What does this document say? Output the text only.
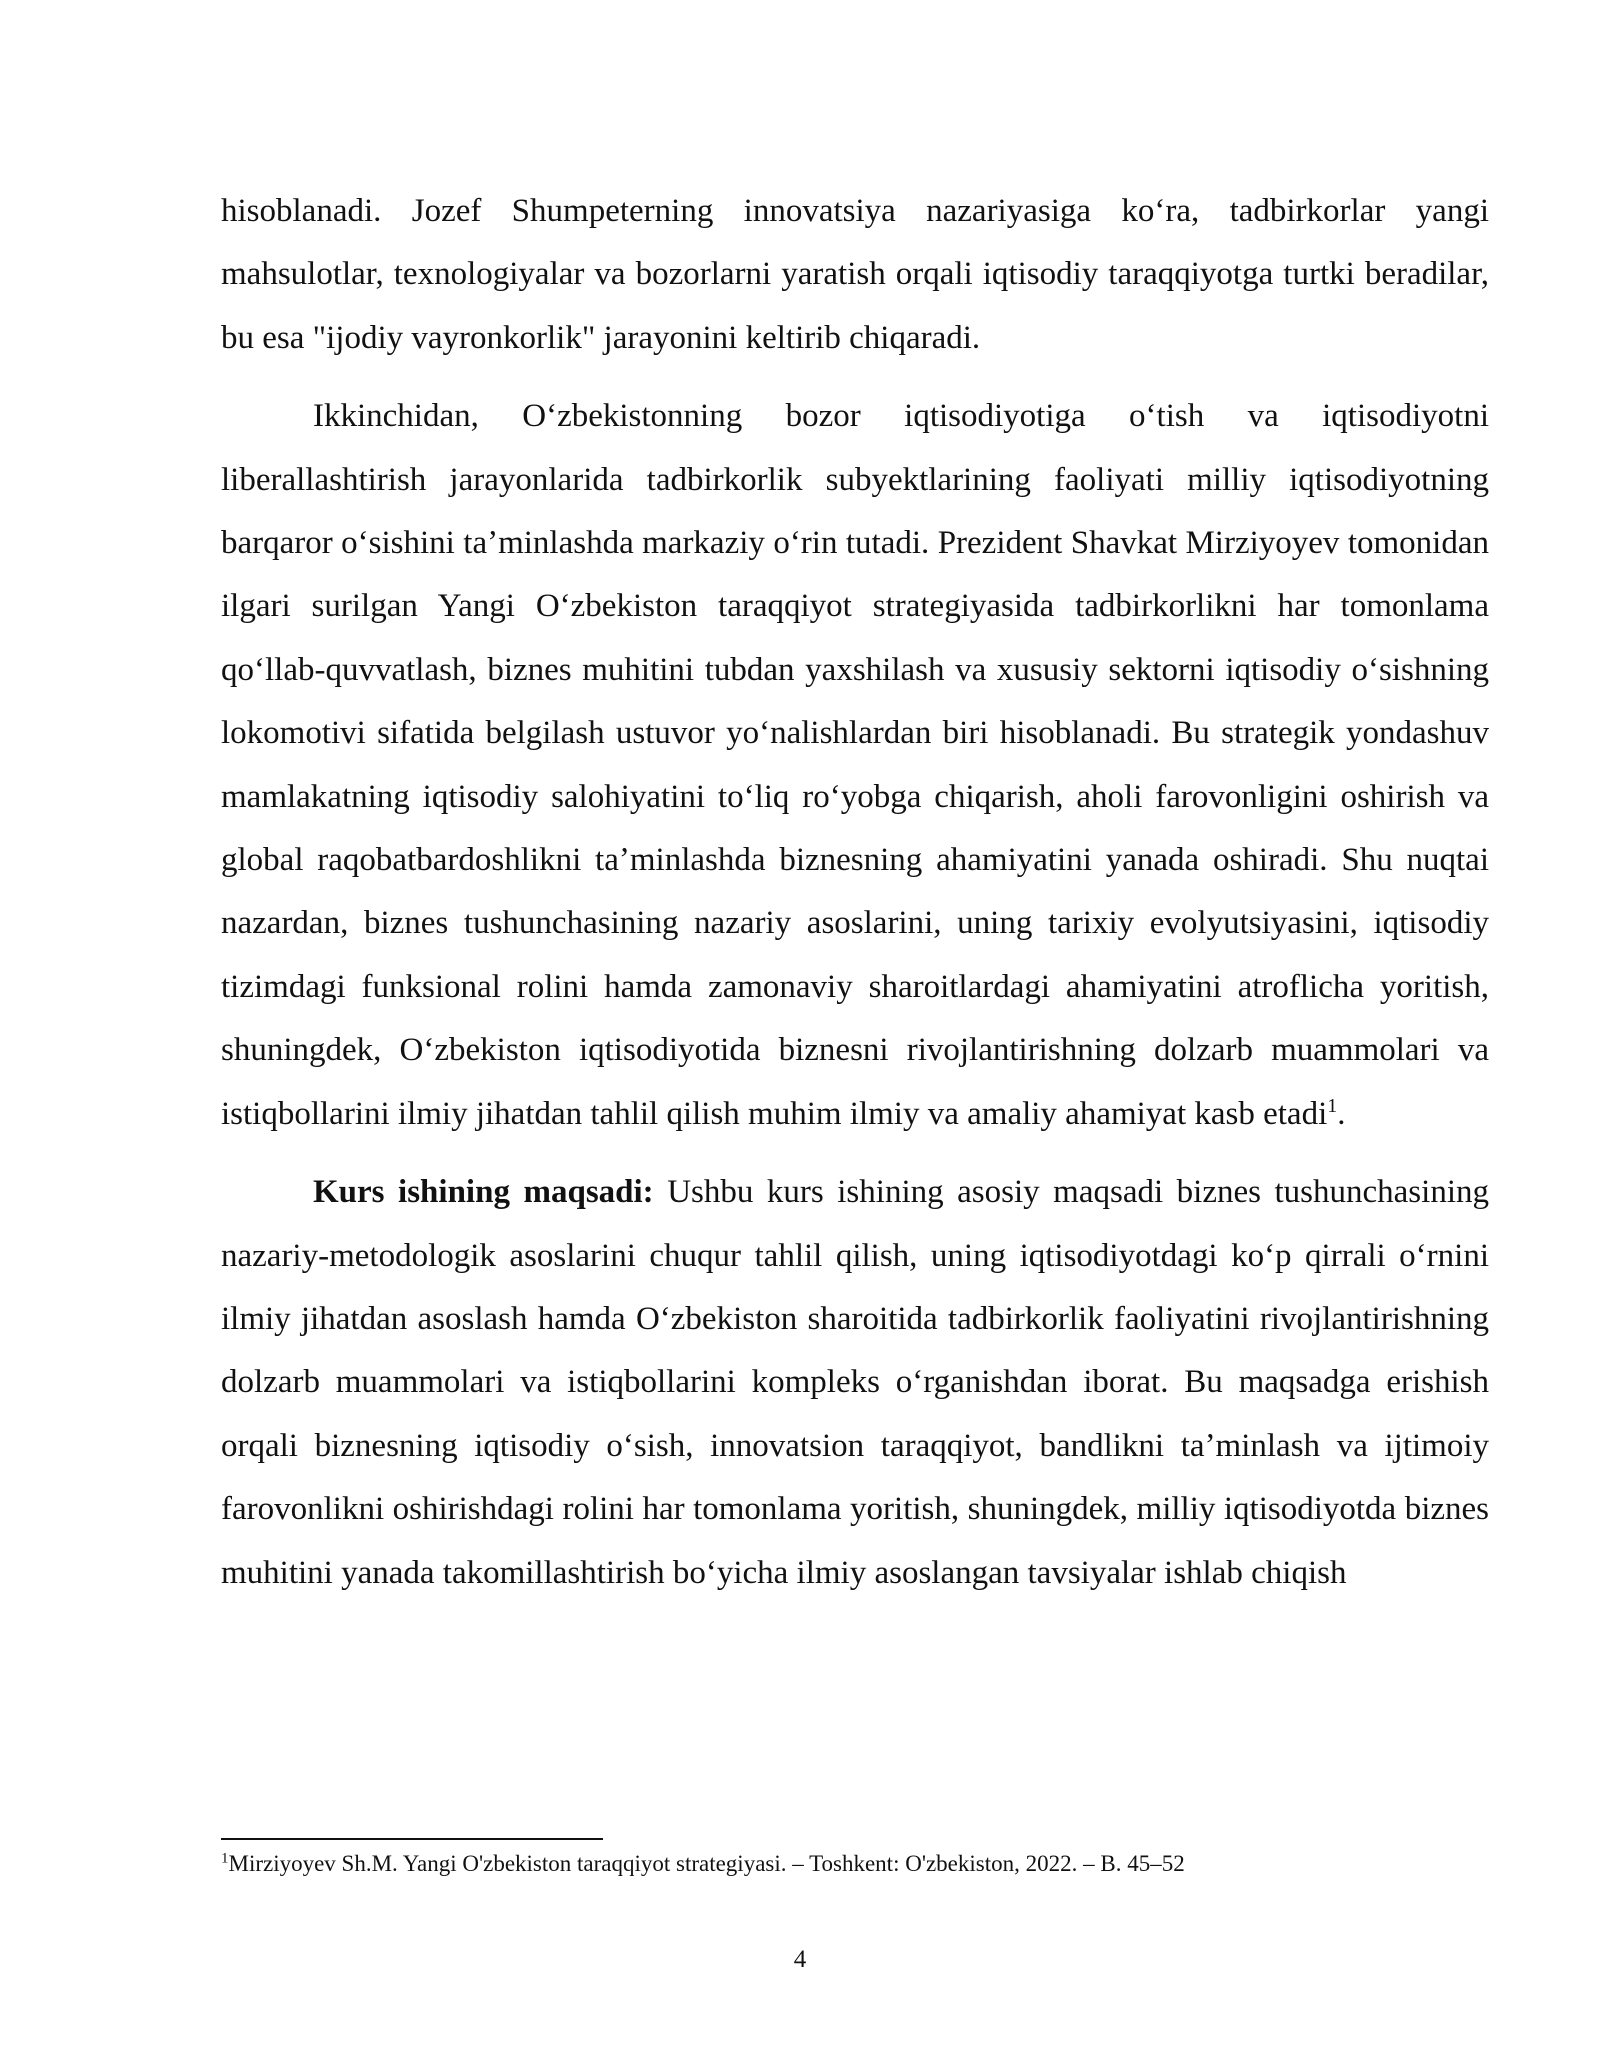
hisoblanadi. Jozef Shumpeterning innovatsiya nazariyasiga koʻra, tadbirkorlar yangi mahsulotlar, texnologiyalar va bozorlarni yaratish orqali iqtisodiy taraqqiyotga turtki beradilar, bu esa "ijodiy vayronkorlik" jarayonini keltirib chiqaradi.

Ikkinchidan, Oʻzbekistonning bozor iqtisodiyotiga oʻtish va iqtisodiyotni liberallashtirish jarayonlarida tadbirkorlik subyektlarining faoliyati milliy iqtisodiyotning barqaror oʻsishini taʼminlashda markaziy oʻrin tutadi. Prezident Shavkat Mirziyoyev tomonidan ilgari surilgan Yangi Oʻzbekiston taraqqiyot strategiyasida tadbirkorlikni har tomonlama qoʻllab-quvvatlash, biznes muhitini tubdan yaxshilash va xususiy sektorni iqtisodiy oʻsishning lokomotivi sifatida belgilash ustuvor yoʻnalishlardan biri hisoblanadi. Bu strategik yondashuv mamlakatning iqtisodiy salohiyatini toʻliq roʻyobga chiqarish, aholi farovonligini oshirish va global raqobatbardoshlikni taʼminlashda biznesning ahamiyatini yanada oshiradi. Shu nuqtai nazardan, biznes tushunchasining nazariy asoslarini, uning tarixiy evolyutsiyasini, iqtisodiy tizimdagi funksional rolini hamda zamonaviy sharoitlardagi ahamiyatini atroflicha yoritish, shuningdek, Oʻzbekiston iqtisodiyotida biznesni rivojlantirishning dolzarb muammolari va istiqbollarini ilmiy jihatdan tahlil qilish muhim ilmiy va amaliy ahamiyat kasb etadi$^1$.

Kurs ishining maqsadi: Ushbu kurs ishining asosiy maqsadi biznes tushunchasining nazariy-metodologik asoslarini chuqur tahlil qilish, uning iqtisodiyotdagi koʻp qirrali oʻrnini ilmiy jihatdan asoslash hamda Oʻzbekiston sharoitida tadbirkorlik faoliyatini rivojlantirishning dolzarb muammolari va istiqbollarini kompleks oʻrganishdan iborat. Bu maqsadga erishish orqali biznesning iqtisodiy oʻsish, innovatsion taraqqiyot, bandlikni taʼminlash va ijtimoiy farovonlikni oshirishdagi rolini har tomonlama yoritish, shuningdek, milliy iqtisodiyotda biznes muhitini yanada takomillashtirish boʻyicha ilmiy asoslangan tavsiyalar ishlab chiqish

$^1$Mirziyoyev Sh.M. Yangi O'zbekiston taraqqiyot strategiyasi. – Toshkent: O'zbekiston, 2022. – B. 45–52
4
